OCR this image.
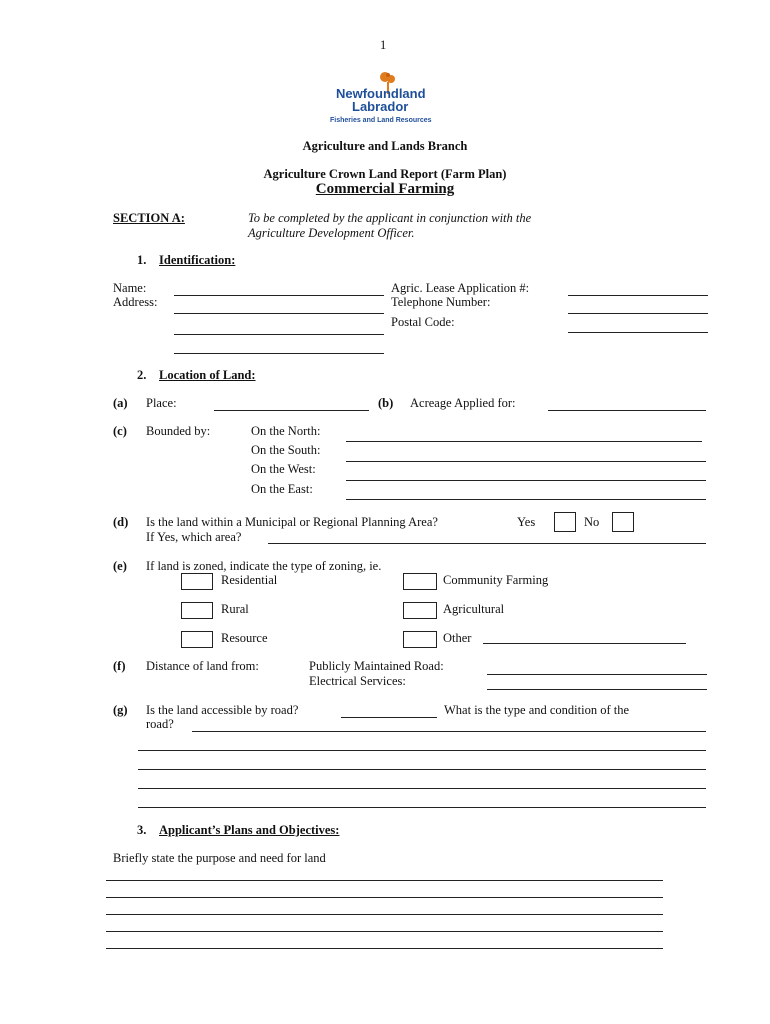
1
Newfoundland
Labrador
Fisheries and Land Resources
Agriculture and Lands Branch
Agriculture Crown Land Report (Farm Plan)
Commercial Farming
SECTION A:	To be completed by the applicant in conjunction with the
Agriculture Development Officer.
1. Identification:
Name:
Address:
Agric. Lease Application #:
Telephone Number:
Postal Code:
2. Location of Land:
(a) Place:	(b) Acreage Applied for:
(c) Bounded by:	On the North:
On the South:
On the West:
On the East:
(d) Is the land within a Municipal or Regional Planning Area?	Yes	No
If Yes, which area?
(e) If land is zoned, indicate the type of zoning, ie.
Residential	Community Farming
Rural	Agricultural
Resource	Other
(f) Distance of land from:	Publicly Maintained Road:
Electrical Services:
(g) Is the land accessible by road?	What is the type and condition of the
road?
3. Applicant’s Plans and Objectives:
Briefly state the purpose and need for land
